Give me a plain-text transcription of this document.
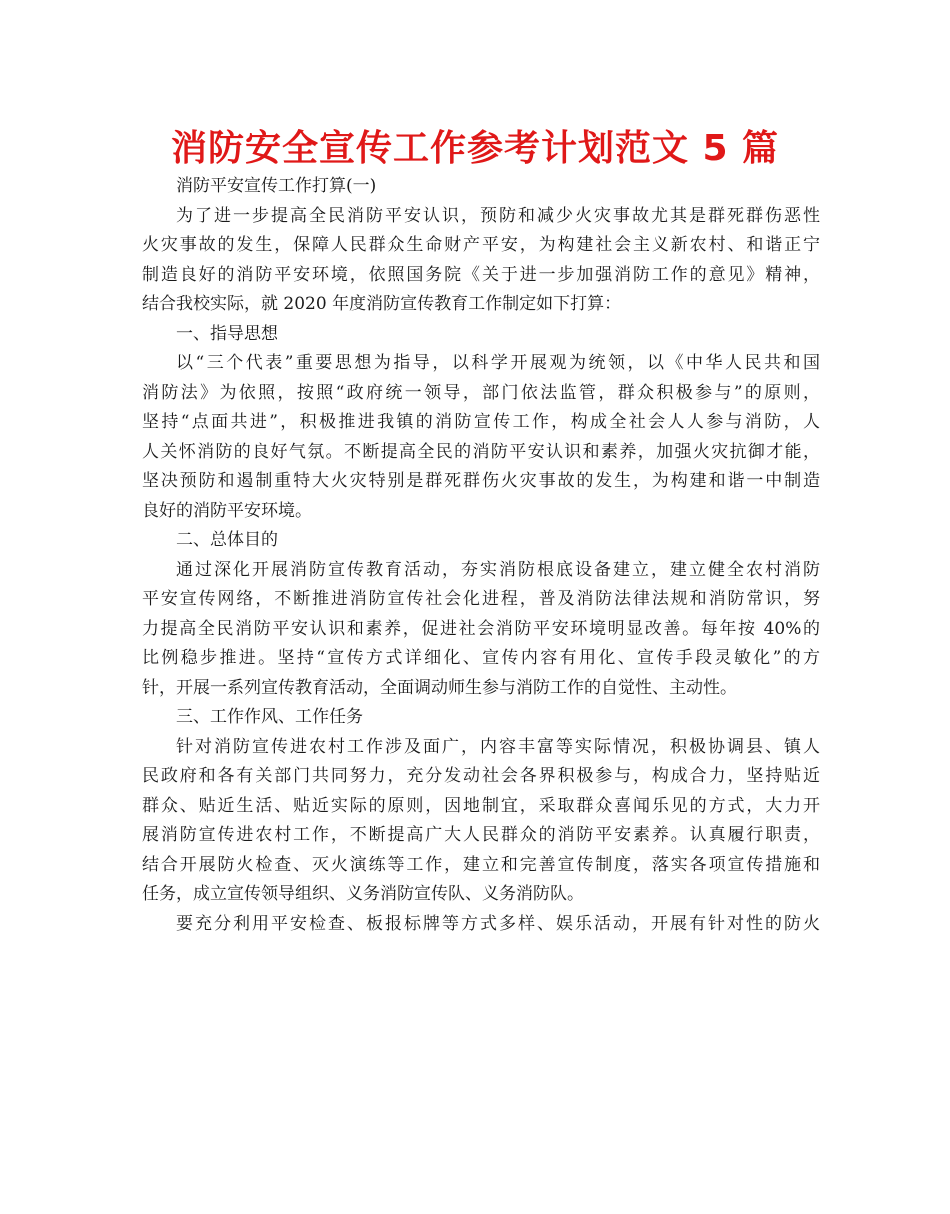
消防安全宣传工作参考计划范文 5 篇
消防平安宣传工作打算(一)
为了进一步提高全民消防平安认识，预防和减少火灾事故尤其是群死群伤恶性
火灾事故的发生，保障人民群众生命财产平安，为构建社会主义新农村、和谐正宁
制造良好的消防平安环境，依照国务院《关于进一步加强消防工作的意见》精神，
结合我校实际，就 2020 年度消防宣传教育工作制定如下打算：
一、指导思想
以“三个代表”重要思想为指导，以科学开展观为统领，以《中华人民共和国
消防法》为依照，按照“政府统一领导，部门依法监管，群众积极参与”的原则，
坚持“点面共进”，积极推进我镇的消防宣传工作，构成全社会人人参与消防，人
人关怀消防的良好气氛。不断提高全民的消防平安认识和素养，加强火灾抗御才能，
坚决预防和遏制重特大火灾特别是群死群伤火灾事故的发生，为构建和谐一中制造
良好的消防平安环境。
二、总体目的
通过深化开展消防宣传教育活动，夯实消防根底设备建立，建立健全农村消防
平安宣传网络，不断推进消防宣传社会化进程，普及消防法律法规和消防常识，努
力提高全民消防平安认识和素养，促进社会消防平安环境明显改善。每年按 40%的
比例稳步推进。坚持“宣传方式详细化、宣传内容有用化、宣传手段灵敏化”的方
针，开展一系列宣传教育活动，全面调动师生参与消防工作的自觉性、主动性。
三、工作作风、工作任务
针对消防宣传进农村工作涉及面广，内容丰富等实际情况，积极协调县、镇人
民政府和各有关部门共同努力，充分发动社会各界积极参与，构成合力，坚持贴近
群众、贴近生活、贴近实际的原则，因地制宜，采取群众喜闻乐见的方式，大力开
展消防宣传进农村工作，不断提高广大人民群众的消防平安素养。认真履行职责，
结合开展防火检查、灭火演练等工作，建立和完善宣传制度，落实各项宣传措施和
任务，成立宣传领导组织、义务消防宣传队、义务消防队。
要充分利用平安检查、板报标牌等方式多样、娱乐活动，开展有针对性的防火
